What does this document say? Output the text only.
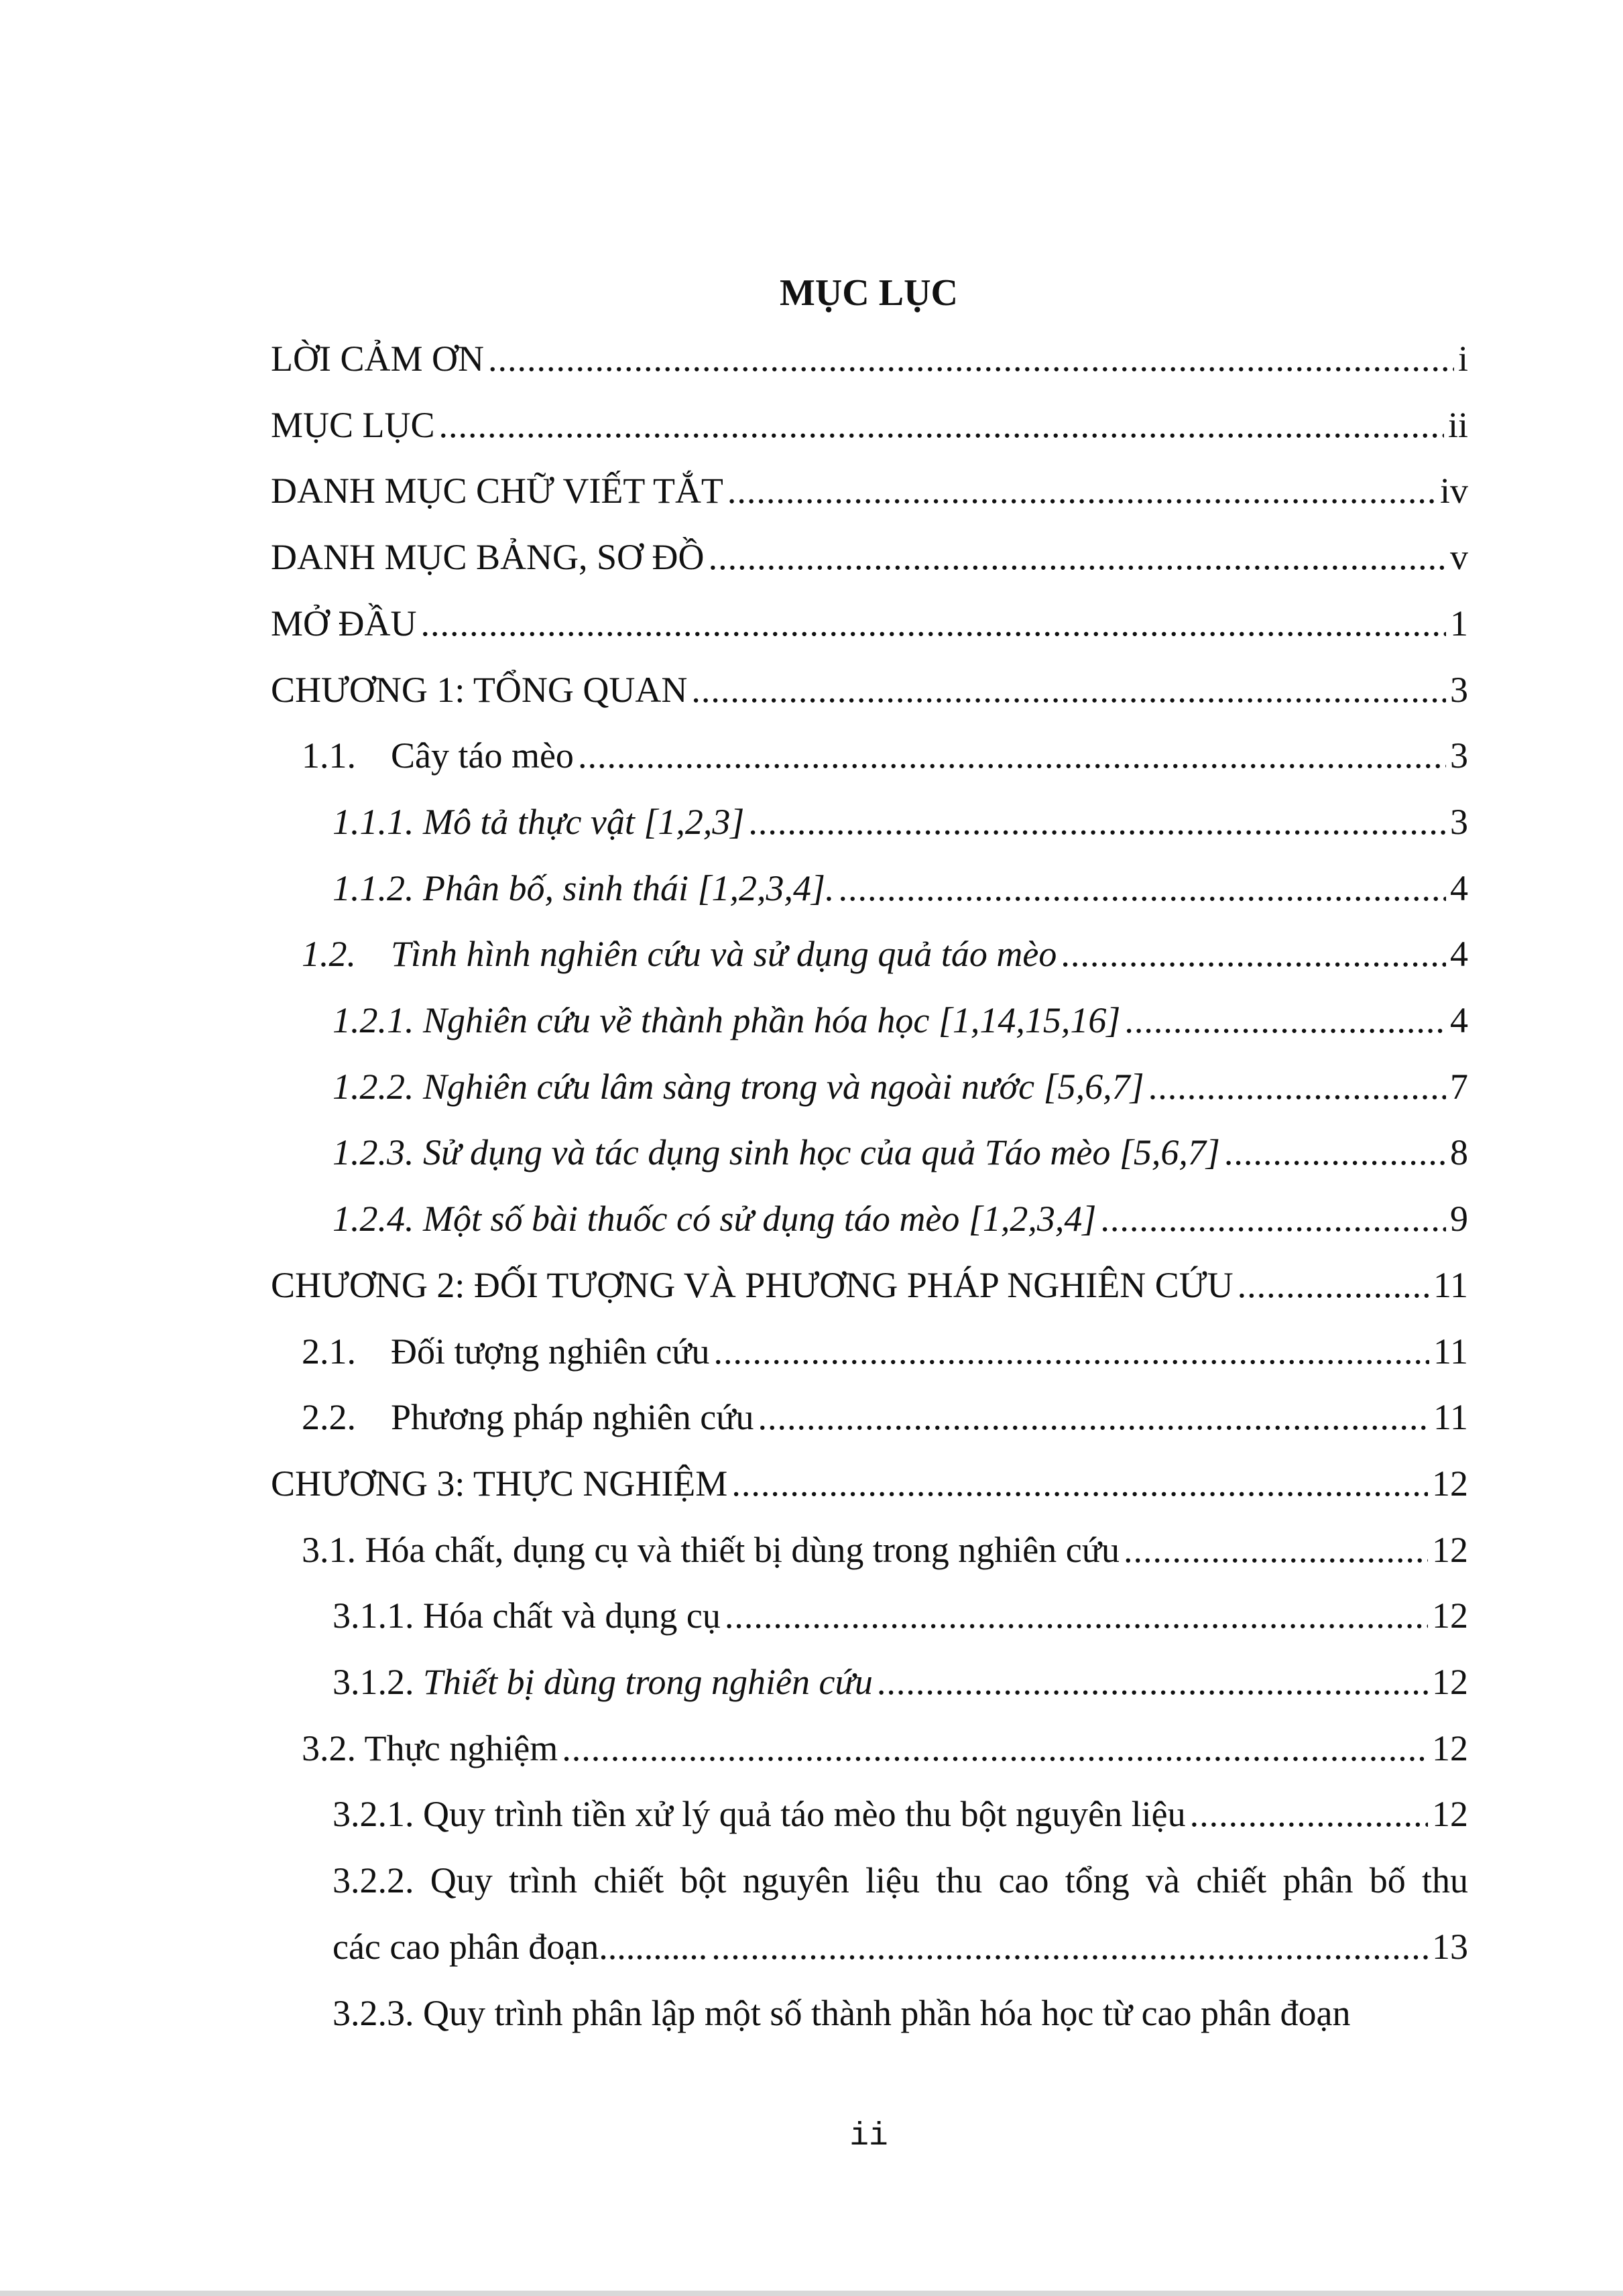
MỤC LỤC
LỜI CẢM ƠN .....	i
MỤC LỤC .....	ii
DANH MỤC CHỮ VIẾT TẮT .....	iv
DANH MỤC BẢNG, SƠ ĐỒ .....	v
MỞ ĐẦU .....	1
CHƯƠNG 1: TỔNG QUAN .....	3
1.1. Cây táo mèo .....	3
1.1.1. Mô tả thực vật [1,2,3] .....	3
1.1.2. Phân bố, sinh thái [1,2,3,4]. .....	4
1.2. Tình hình nghiên cứu và sử dụng quả táo mèo .....	4
1.2.1. Nghiên cứu về thành phần hóa học [1,14,15,16] .....	4
1.2.2. Nghiên cứu lâm sàng trong và ngoài nước [5,6,7] .....	7
1.2.3. Sử dụng và tác dụng sinh học của quả Táo mèo [5,6,7] .....	8
1.2.4. Một số bài thuốc có sử dụng táo mèo [1,2,3,4] .....	9
CHƯƠNG 2: ĐỐI TƯỢNG VÀ PHƯƠNG PHÁP NGHIÊN CỨU .....	11
2.1. Đối tượng nghiên cứu .....	11
2.2. Phương pháp nghiên cứu .....	11
CHƯƠNG 3: THỰC NGHIỆM .....	12
3.1. Hóa chất, dụng cụ và thiết bị dùng trong nghiên cứu .....	12
3.1.1. Hóa chất và dụng cụ .....	12
3.1.2. Thiết bị dùng trong nghiên cứu .....	12
3.2. Thực nghiệm .....	12
3.2.1. Quy trình tiền xử lý quả táo mèo thu bột nguyên liệu .....	12
3.2.2. Quy trình chiết bột nguyên liệu thu cao tổng và chiết phân bố thu
các cao phân đoạn............ .....	13
3.2.3. Quy trình phân lập một số thành phần hóa học từ cao phân đoạn
ii
